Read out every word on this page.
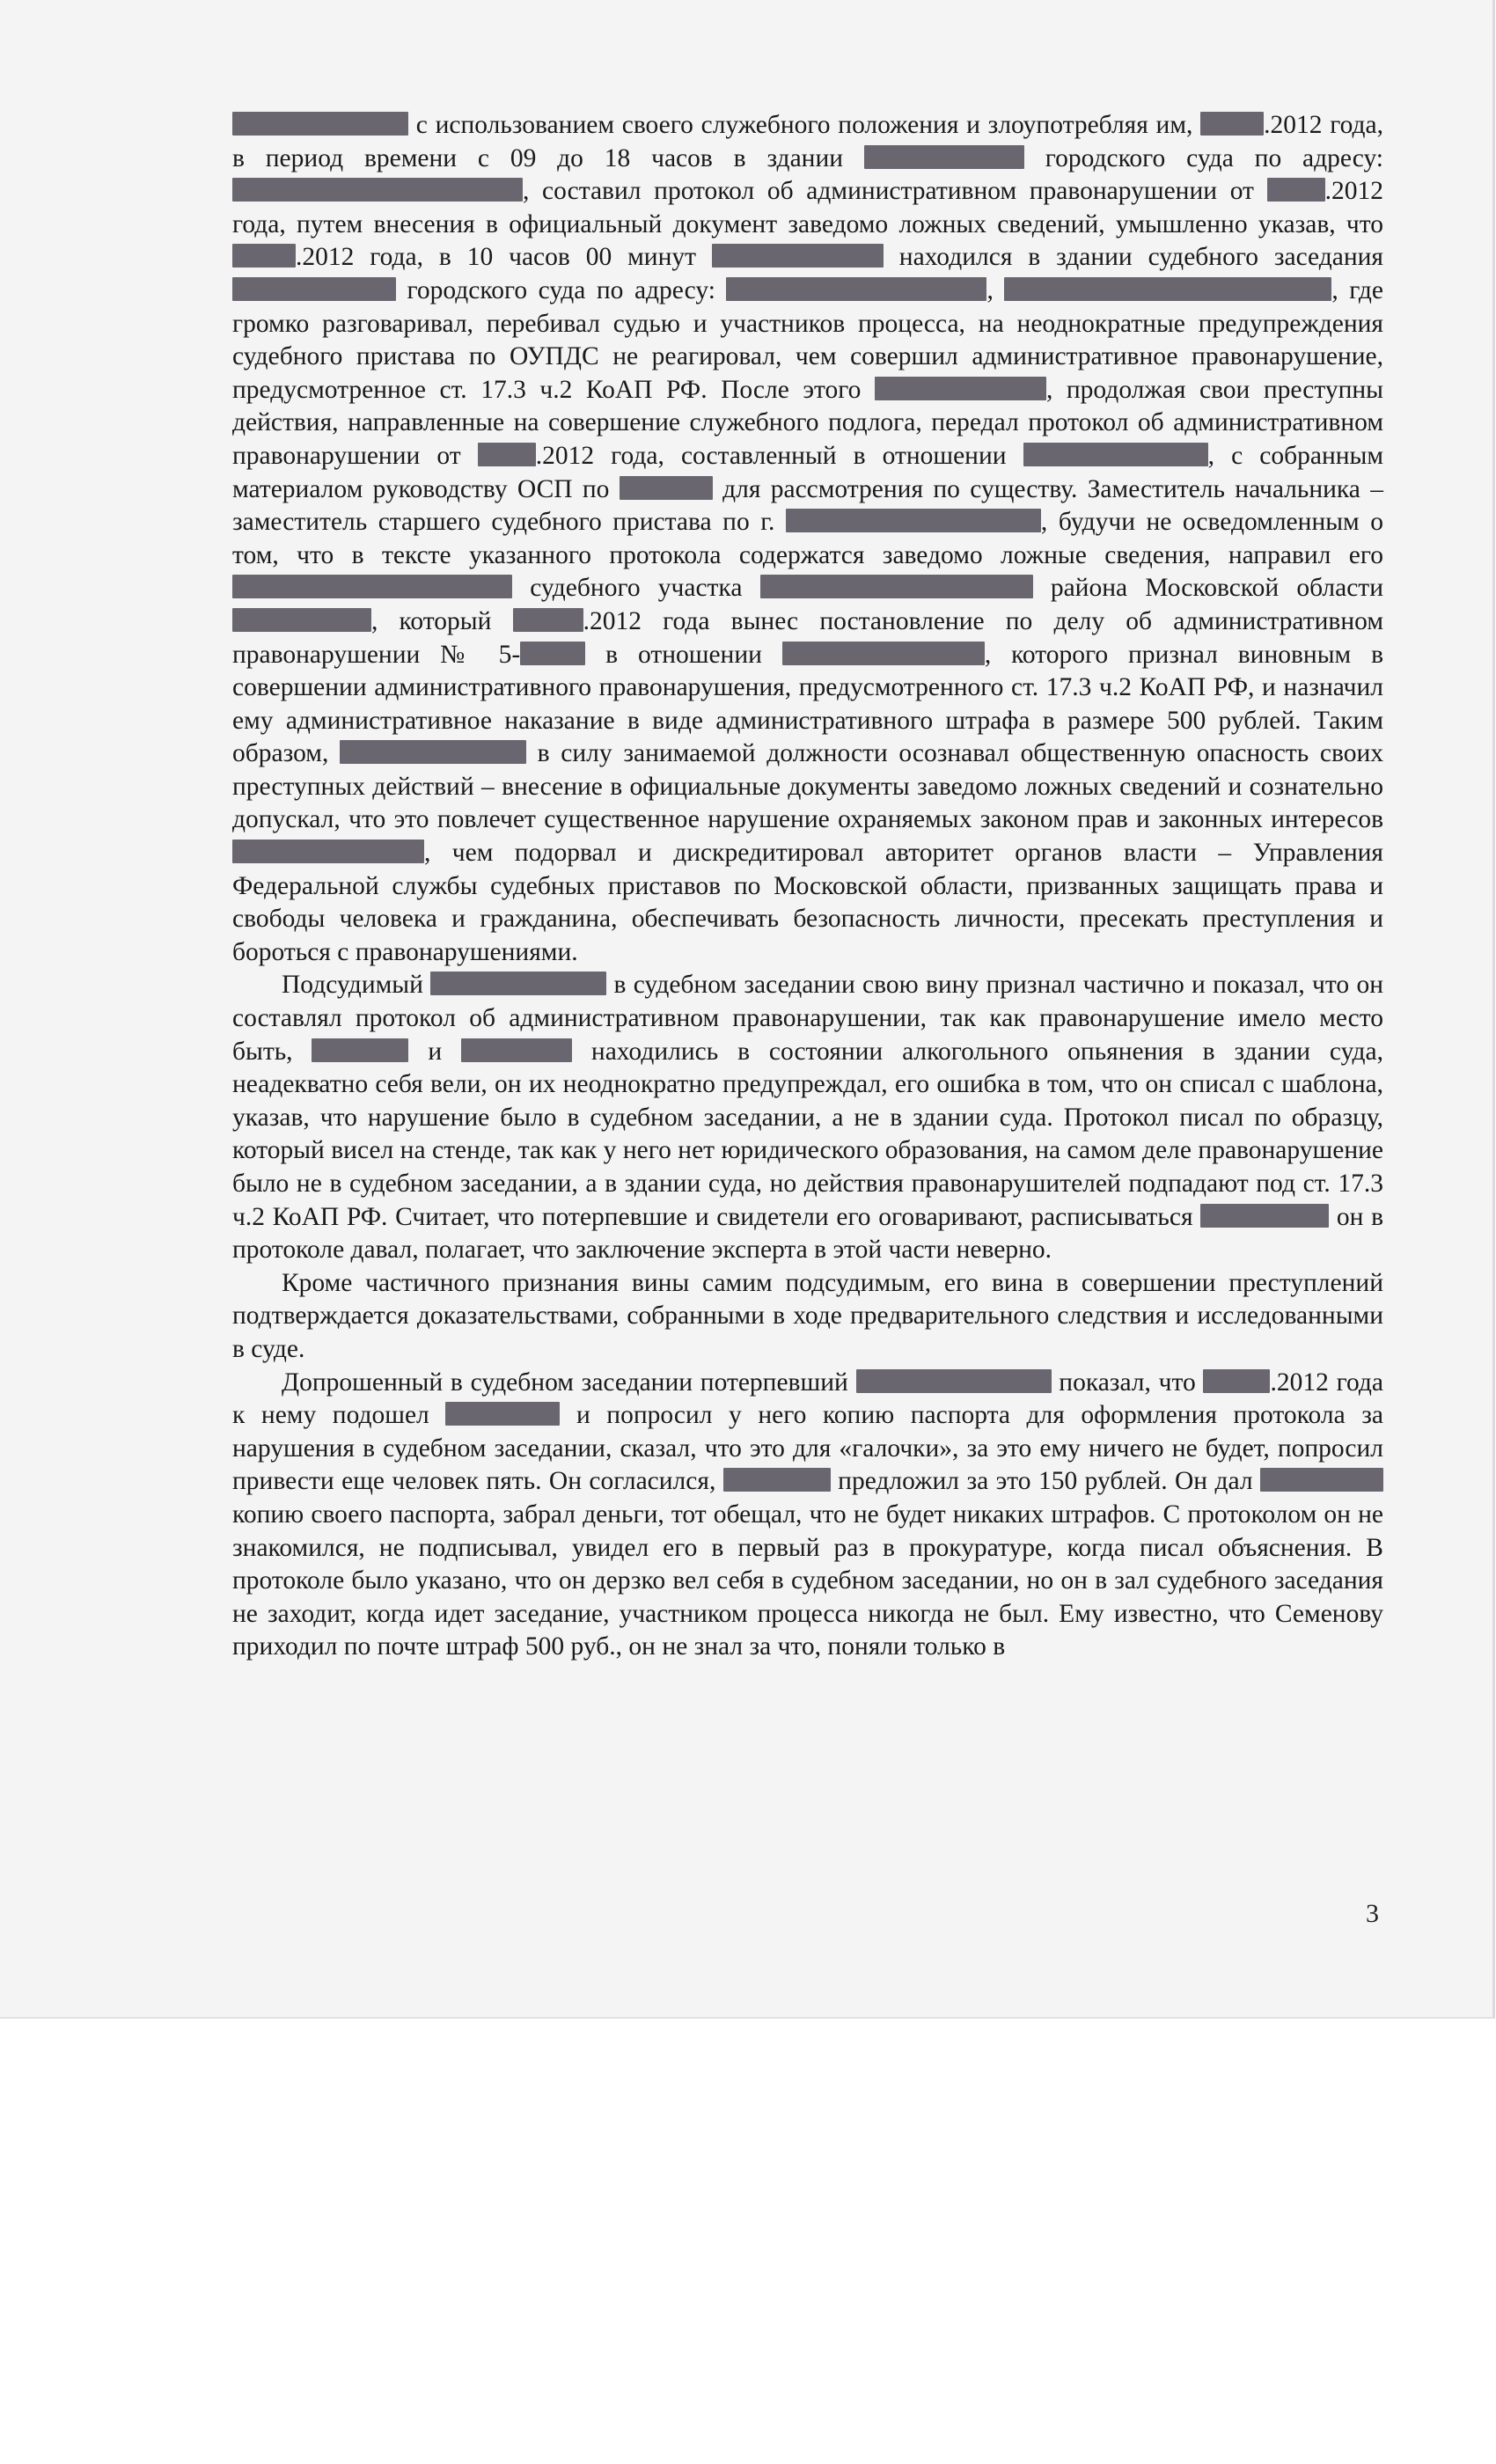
с использованием своего служебного положения и злоупотребляя им, .2012 года, в период времени с 09 до 18 часов в здании	городского суда по адресу: , составил протокол об административном правонарушении от .2012 года, путем внесения в официальный документ заведомо ложных сведений, умышленно указав, что .2012 года, в 10 часов 00 минут	находился в здании судебного заседания  городского суда по адресу:	,	, где громко разговаривал, перебивал судью и участников процесса, на неоднократные предупреждения судебного пристава по ОУПДС не реагировал, чем совершил административное правонарушение, предусмотренное ст. 17.3 ч.2 КоАП РФ. После этого	, продолжая свои преступны действия, направленные на совершение служебного подлога, передал протокол об административном правонарушении от .2012 года, составленный в отношении	, с собранным материалом руководству ОСП по	для рассмотрения по существу. Заместитель начальника – заместитель старшего судебного пристава по г.	, будучи не осведомленным о том, что в тексте указанного протокола содержатся заведомо ложные сведения, направил его  судебного участка	района Московской области , который	.2012 года вынес постановление по делу об административном правонарушении № 5-	в отношении	, которого признал виновным в совершении административного правонарушения, предусмотренного ст. 17.3 ч.2 КоАП РФ, и назначил ему административное наказание в виде административного штрафа в размере 500 рублей. Таким образом,	в силу занимаемой должности осознавал общественную опасность своих преступных действий – внесение в официальные документы заведомо ложных сведений и сознательно допускал, что это повлечет существенное нарушение охраняемых законом прав и законных интересов , чем подорвал и дискредитировал авторитет органов власти – Управления Федеральной службы судебных приставов по Московской области, призванных защищать права и свободы человека и гражданина, обеспечивать безопасность личности, пресекать преступления и бороться с правонарушениями.

Подсудимый	в судебном заседании свою вину признал частично и показал, что он составлял протокол об административном правонарушении, так как правонарушение имело место быть,	и	находились в состоянии алкогольного опьянения в здании суда, неадекватно себя вели, он их неоднократно предупреждал, его ошибка в том, что он списал с шаблона, указав, что нарушение было в судебном заседании, а не в здании суда. Протокол писал по образцу, который висел на стенде, так как у него нет юридического образования, на самом деле правонарушение было не в судебном заседании, а в здании суда, но действия правонарушителей подпадают под ст. 17.3 ч.2 КоАП РФ. Считает, что потерпевшие и свидетели его оговаривают, расписываться	он в протоколе давал, полагает, что заключение эксперта в этой части неверно.

Кроме частичного признания вины самим подсудимым, его вина в совершении преступлений подтверждается доказательствами, собранными в ходе предварительного следствия и исследованными в суде.

Допрошенный в судебном заседании потерпевший	показал, что	.2012 года к нему подошел	и попросил у него копию паспорта для оформления протокола за нарушения в судебном заседании, сказал, что это для «галочки», за это ему ничего не будет, попросил привести еще человек пять. Он согласился,	предложил за это 150 рублей. Он дал  копию своего паспорта, забрал деньги, тот обещал, что не будет никаких штрафов. С протоколом он не знакомился, не подписывал, увидел его в первый раз в прокуратуре, когда писал объяснения. В протоколе было указано, что он дерзко вел себя в судебном заседании, но он в зал судебного заседания не заходит, когда идет заседание, участником процесса никогда не был. Ему известно, что Семенову приходил по почте штраф 500 руб., он не знал за что, поняли только в

3
